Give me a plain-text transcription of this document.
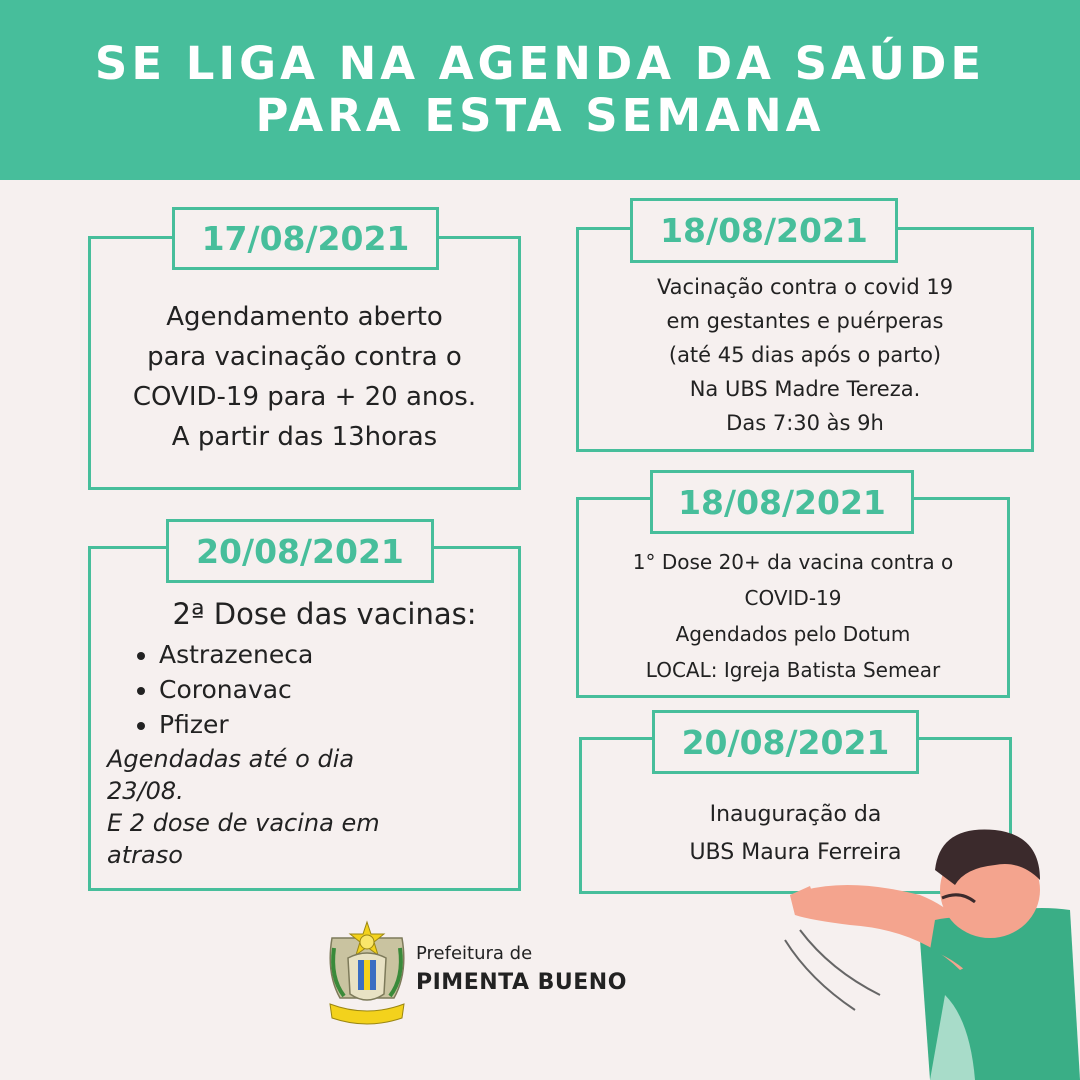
SE LIGA NA AGENDA DA SAÚDE
PARA ESTA SEMANA
Agendamento aberto
para vacinação contra o
COVID-19 para + 20 anos.
A partir das 13horas
17/08/2021
Vacinação contra o covid 19
em gestantes e puérperas
(até 45 dias após o parto)
Na UBS Madre Tereza.
Das 7:30 às 9h
18/08/2021
2ª Dose das vacinas:
Astrazeneca
Coronavac
Pfizer
Agendadas até o dia
23/08.
E 2 dose de vacina em
atraso
20/08/2021	1° Dose 20+ da vacina contra o
COVID-19
Agendados pelo Dotum
LOCAL: Igreja Batista Semear
18/08/2021
Inauguração da
UBS Maura Ferreira
20/08/2021
Prefeitura de
PIMENTA BUENO
